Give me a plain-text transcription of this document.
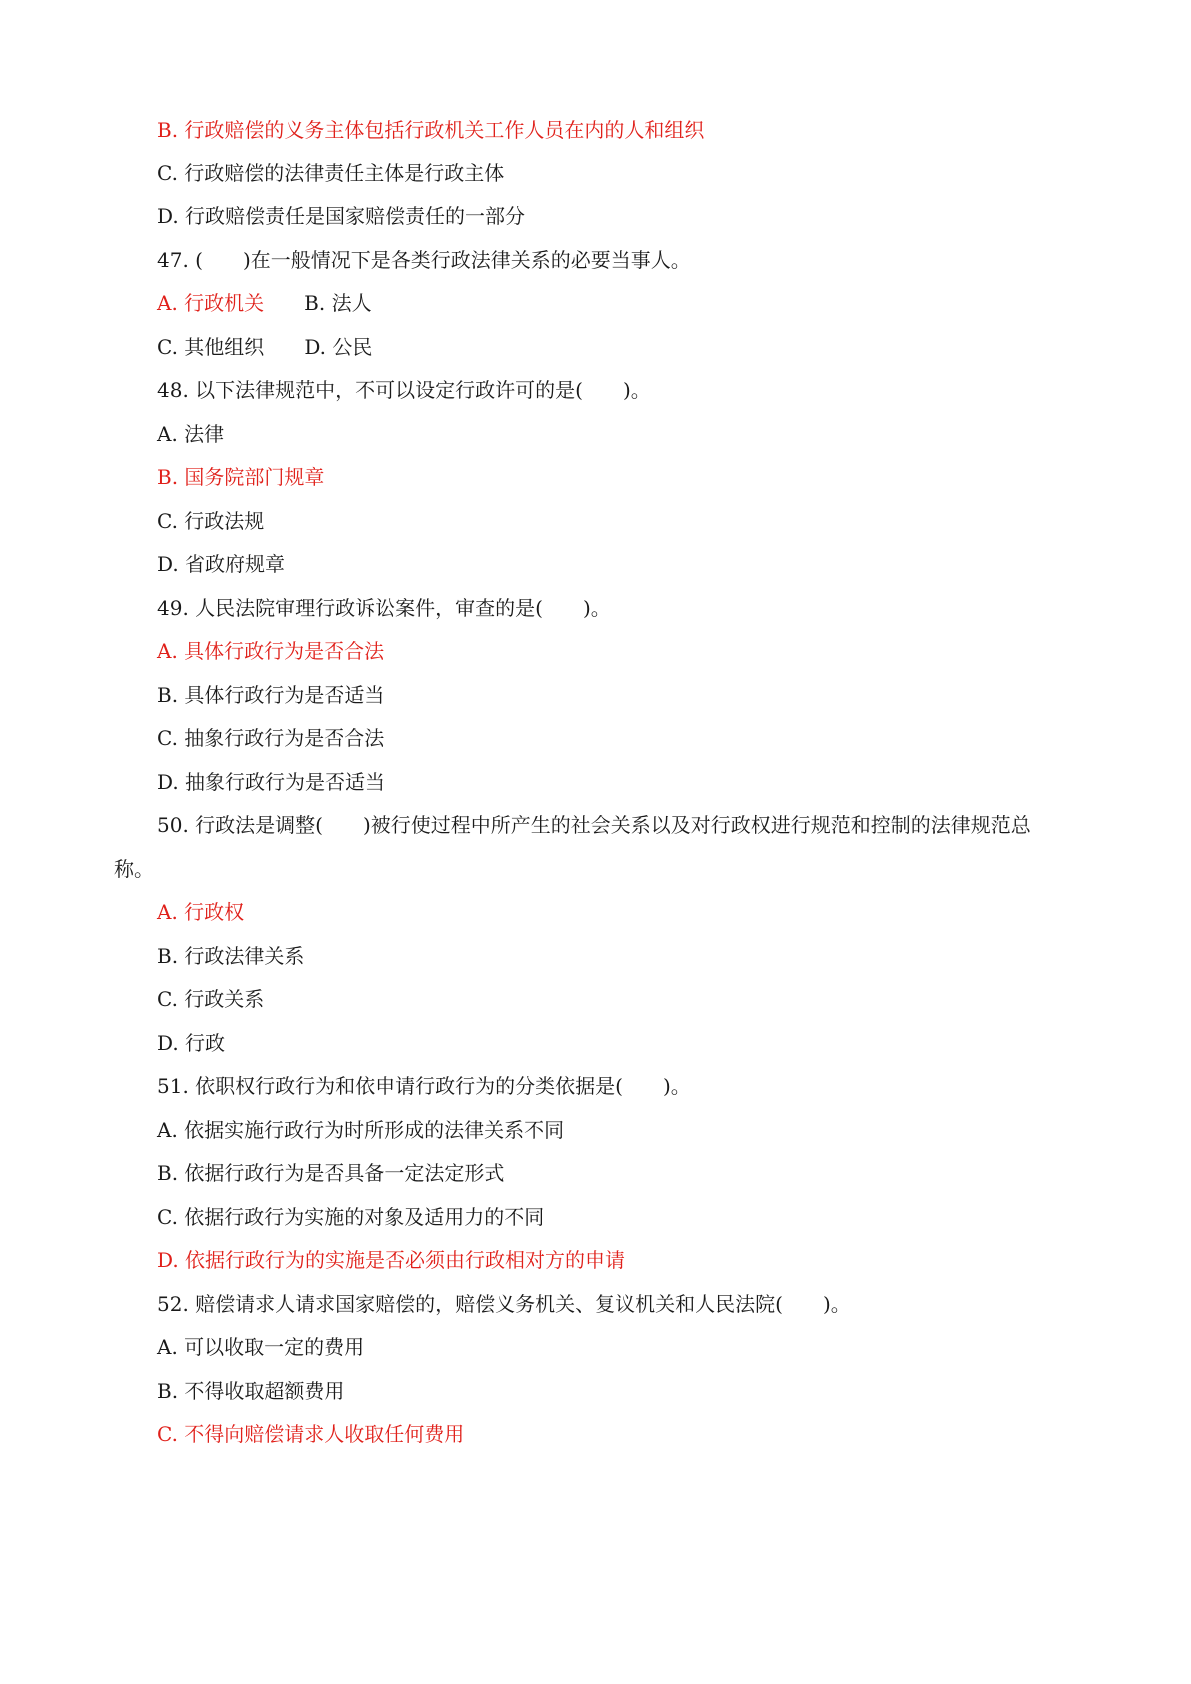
B. 行政赔偿的义务主体包括行政机关工作人员在内的人和组织
C. 行政赔偿的法律责任主体是行政主体
D. 行政赔偿责任是国家赔偿责任的一部分
47. (　　)在一般情况下是各类行政法律关系的必要当事人。
A. 行政机关 B. 法人
C. 其他组织 D. 公民
48. 以下法律规范中，不可以设定行政许可的是(　　)。
A. 法律
B. 国务院部门规章
C. 行政法规
D. 省政府规章
49. 人民法院审理行政诉讼案件，审查的是(　　)。
A. 具体行政行为是否合法
B. 具体行政行为是否适当
C. 抽象行政行为是否合法
D. 抽象行政行为是否适当
50. 行政法是调整(　　)被行使过程中所产生的社会关系以及对行政权进行规范和控制的法律规范总
称。
A. 行政权
B. 行政法律关系
C. 行政关系
D. 行政
51. 依职权行政行为和依申请行政行为的分类依据是(　　)。
A. 依据实施行政行为时所形成的法律关系不同
B. 依据行政行为是否具备一定法定形式
C. 依据行政行为实施的对象及适用力的不同
D. 依据行政行为的实施是否必须由行政相对方的申请
52. 赔偿请求人请求国家赔偿的，赔偿义务机关、复议机关和人民法院(　　)。
A. 可以收取一定的费用
B. 不得收取超额费用
C. 不得向赔偿请求人收取任何费用
